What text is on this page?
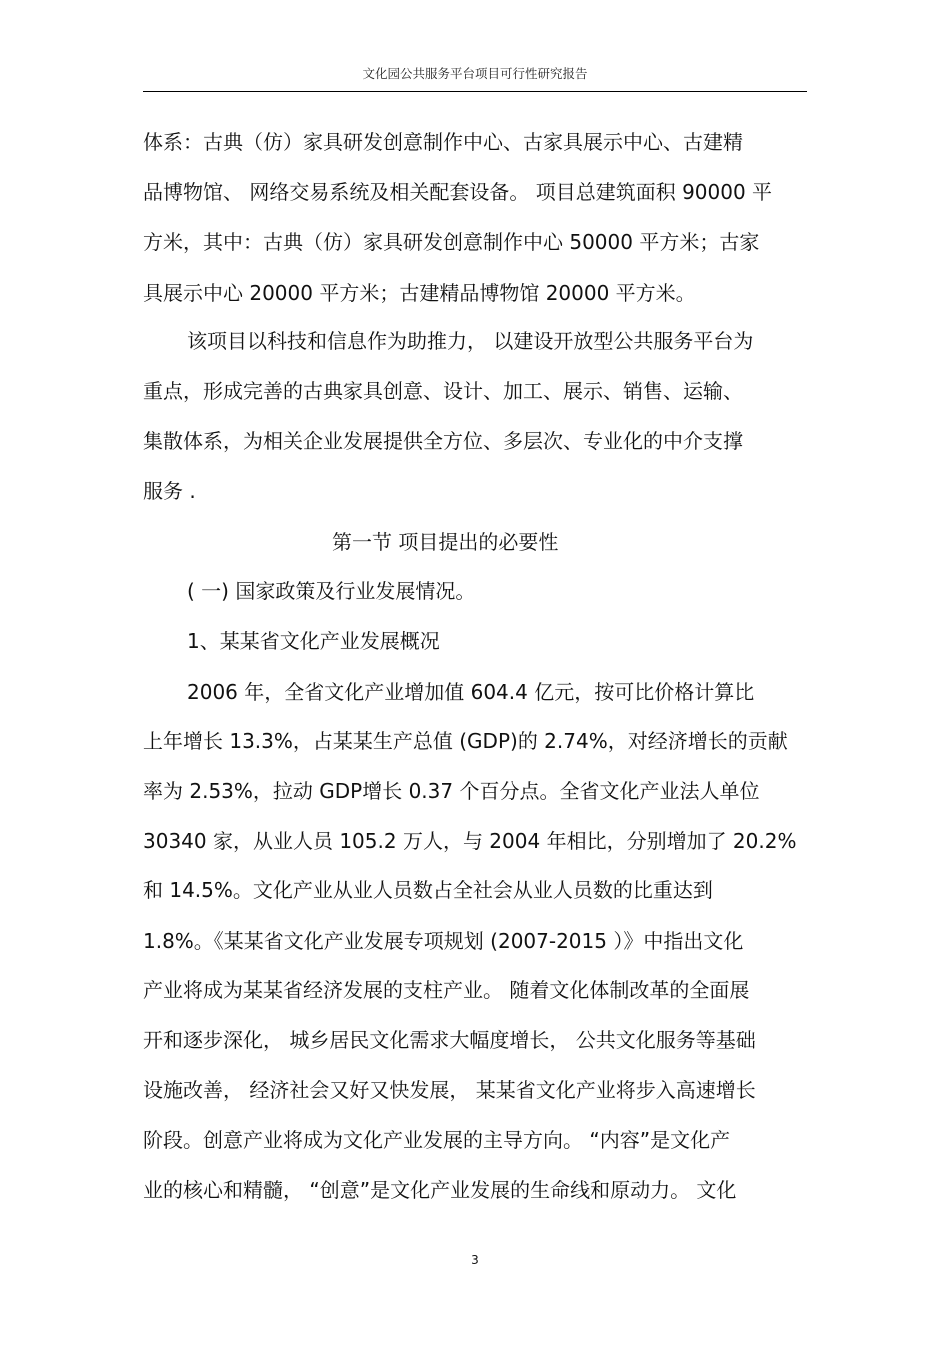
文化园公共服务平台项目可行性研究报告
体系：古典（仿）家具研发创意制作中心、古家具展示中心、古建精
品博物馆、 网络交易系统及相关配套设备。 项目总建筑面积 90000 平
方米，其中：古典（仿）家具研发创意制作中心 50000 平方米；古家
具展示中心 20000 平方米；古建精品博物馆 20000 平方米。
该项目以科技和信息作为助推力， 以建设开放型公共服务平台为
重点，形成完善的古典家具创意、设计、加工、展示、销售、运输、
集散体系，为相关企业发展提供全方位、多层次、专业化的中介支撑
服务 .
第一节 项目提出的必要性
( 一) 国家政策及行业发展情况。
1、某某省文化产业发展概况
2006 年，全省文化产业增加值 604.4 亿元，按可比价格计算比
上年增长 13.3%，占某某生产总值 (GDP)的 2.74%，对经济增长的贡献
率为 2.53%，拉动 GDP增长 0.37 个百分点。全省文化产业法人单位
30340 家，从业人员 105.2 万人，与 2004 年相比，分别增加了 20.2%
和 14.5%。文化产业从业人员数占全社会从业人员数的比重达到
1.8%。《某某省文化产业发展专项规划 (2007-2015 ）》中指出文化
产业将成为某某省经济发展的支柱产业。 随着文化体制改革的全面展
开和逐步深化， 城乡居民文化需求大幅度增长， 公共文化服务等基础
设施改善， 经济社会又好又快发展， 某某省文化产业将步入高速增长
阶段。创意产业将成为文化产业发展的主导方向。 “内容”是文化产
业的核心和精髓， “创意”是文化产业发展的生命线和原动力。 文化
3
